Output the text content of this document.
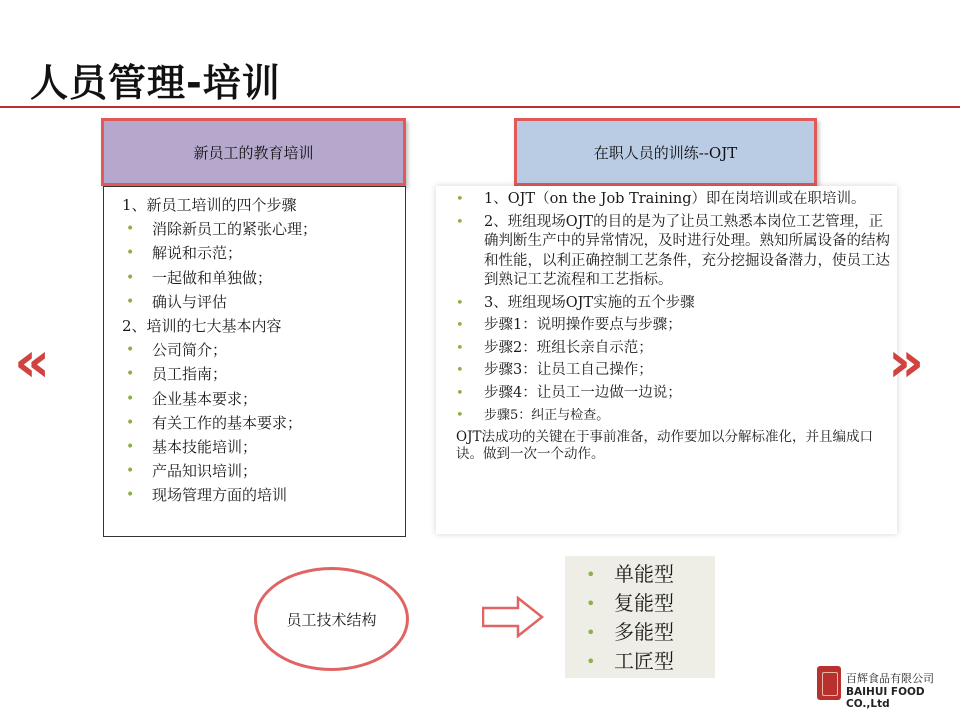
人员管理-培训
新员工的教育培训	在职人员的训练--OJT
1、新员工培训的四个步骤
• 消除新员工的紧张心理；
• 解说和示范；
• 一起做和单独做；
• 确认与评估
2、培训的七大基本内容
• 公司简介；
• 员工指南；
• 企业基本要求；
• 有关工作的基本要求；
• 基本技能培训；
• 产品知识培训；
• 现场管理方面的培训
• 1、OJT（on the Job Training）即在岗培训或在职培训。
• 2、班组现场OJT的目的是为了让员工熟悉本岗位工艺管理，正确判断生产中的异常情况，及时进行处理。熟知所属设备的结构和性能，以利正确控制工艺条件，充分挖掘设备潜力，使员工达到熟记工艺流程和工艺指标。
• 3、班组现场OJT实施的五个步骤
• 步骤1：说明操作要点与步骤；
• 步骤2：班组长亲自示范；
• 步骤3：让员工自己操作；
• 步骤4：让员工一边做一边说；
• 步骤5：纠正与检查。
OJT法成功的关键在于事前准备，动作要加以分解标准化，并且编成口诀。做到一次一个动作。
«	»
员工技术结构
• 单能型
• 复能型
• 多能型
• 工匠型
百辉食品有限公司
BAIHUI FOOD CO.,Ltd
